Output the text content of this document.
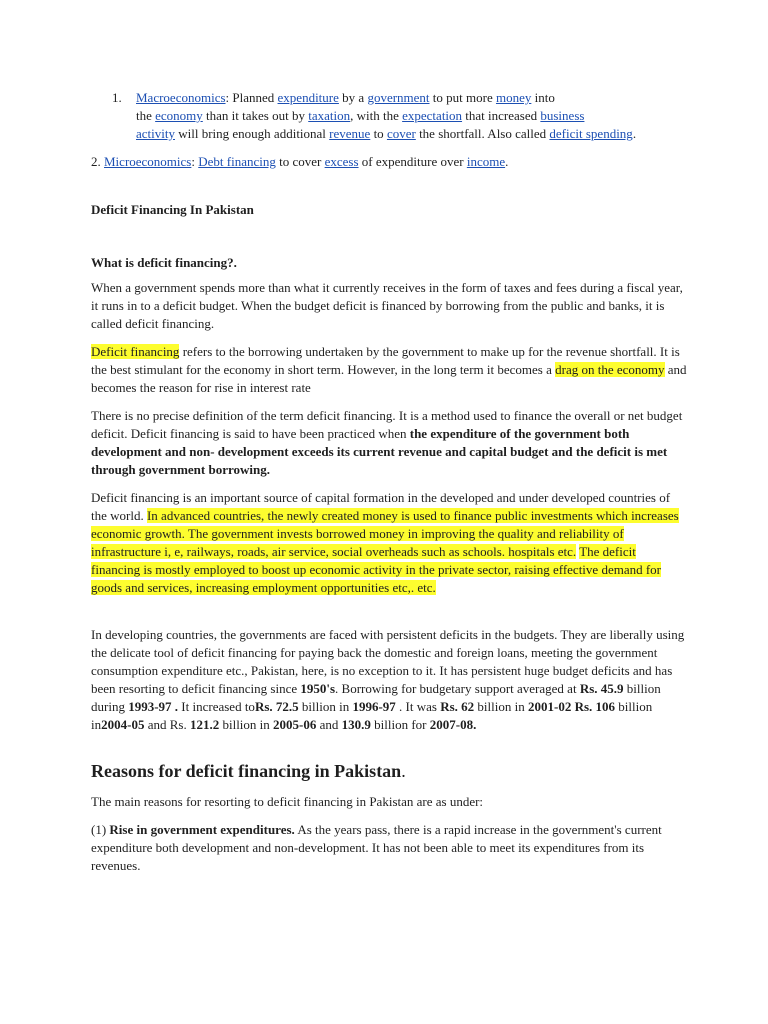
1. Macroeconomics: Planned expenditure by a government to put more money into
the economy than it takes out by taxation, with the expectation that increased business
activity will bring enough additional revenue to cover the shortfall. Also called deficit spending.
2. Microeconomics: Debt financing to cover excess of expenditure over income.
Deficit Financing In Pakistan
What is deficit financing?.
When a government spends more than what it currently receives in the form of taxes and fees during a fiscal year, it runs in to a deficit budget. When the budget deficit is financed by borrowing from the public and banks, it is called deficit financing.
Deficit financing refers to the borrowing undertaken by the government to make up for the revenue shortfall. It is the best stimulant for the economy in short term. However, in the long term it becomes a drag on the economy and becomes the reason for rise in interest rate
There is no precise definition of the term deficit financing. It is a method used to finance the overall or net budget deficit. Deficit financing is said to have been practiced when the expenditure of the government both development and non- development exceeds its current revenue and capital budget and the deficit is met through government borrowing.
Deficit financing is an important source of capital formation in the developed and under developed countries of the world. In advanced countries, the newly created money is used to finance public investments which increases economic growth. The government invests borrowed money in improving the quality and reliability of infrastructure i, e, railways, roads, air service, social overheads such as schools. hospitals etc. The deficit financing is mostly employed to boost up economic activity in the private sector, raising effective demand for goods and services, increasing employment opportunities etc,. etc.
In developing countries, the governments are faced with persistent deficits in the budgets. They are liberally using the delicate tool of deficit financing for paying back the domestic and foreign loans, meeting the government consumption expenditure etc., Pakistan, here, is no exception to it. It has persistent huge budget deficits and has been resorting to deficit financing since 1950's. Borrowing for budgetary support averaged at Rs. 45.9 billion during 1993-97 . It increased toRs. 72.5 billion in 1996-97 . It was Rs. 62 billion in 2001-02 Rs. 106 billion in2004-05 and Rs. 121.2 billion in 2005-06 and 130.9 billion for 2007-08.
Reasons for deficit financing in Pakistan.
The main reasons for resorting to deficit financing in Pakistan are as under:
(1) Rise in government expenditures. As the years pass, there is a rapid increase in the government's current expenditure both development and non-development. It has not been able to meet its expenditures from its revenues.
